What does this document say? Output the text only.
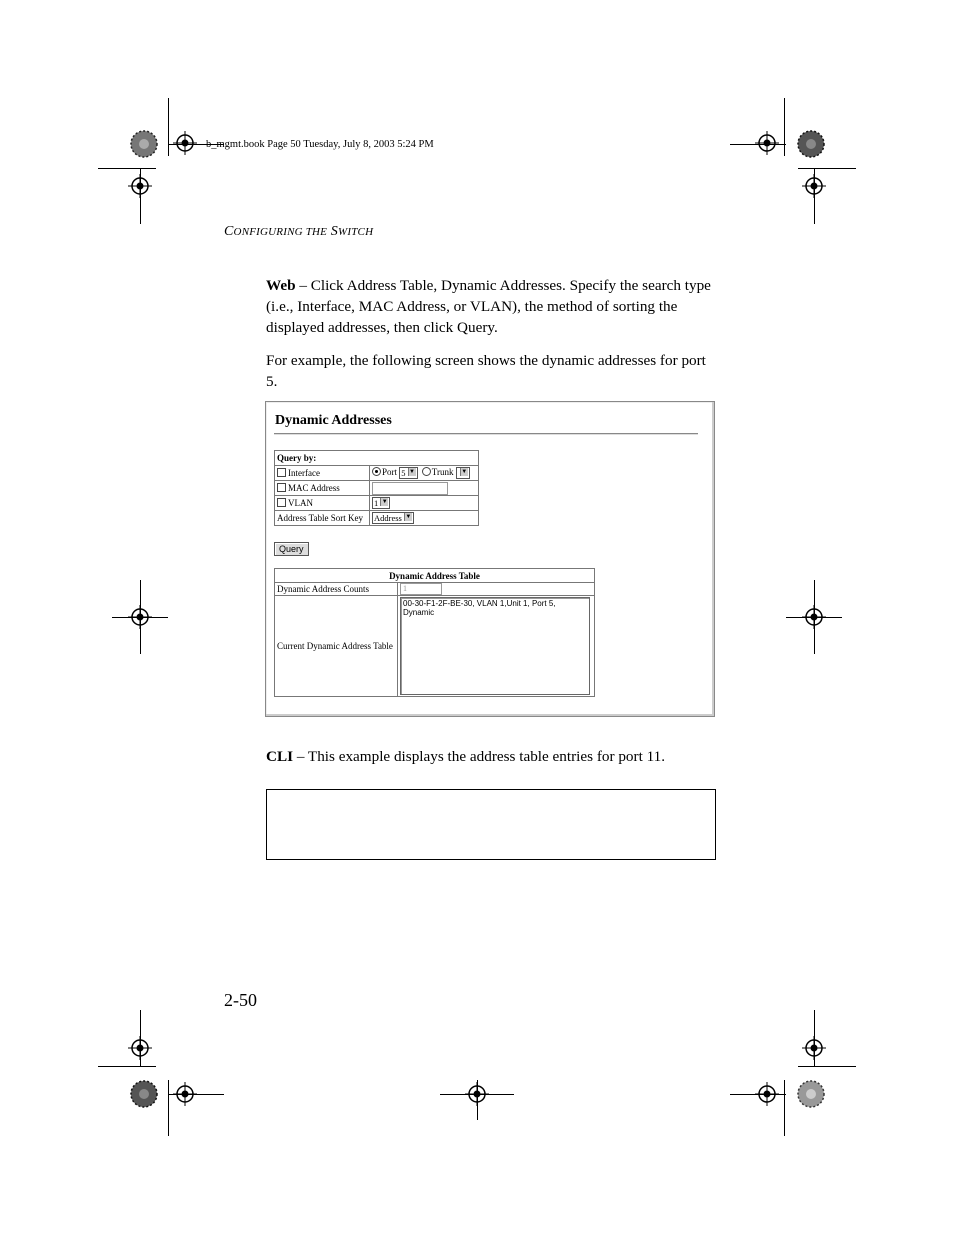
b_mgmt.book Page 50 Tuesday, July 8, 2003 5:24 PM
CONFIGURING THE SWITCH
Web – Click Address Table, Dynamic Addresses. Specify the search type (i.e., Interface, MAC Address, or VLAN), the method of sorting the displayed addresses, then click Query.
For example, the following screen shows the dynamic addresses for port 5.
Dynamic Addresses
Query by:	
Interface	Port 5 ▼ Trunk ▼
MAC Address	
VLAN	1 ▼
Address Table Sort Key	Address ▼
Query
Dynamic Address Table	
Dynamic Address Counts	1
Current Dynamic Address Table	00-30-F1-2F-BE-30, VLAN 1,Unit 1, Port 5, Dynamic
CLI – This example displays the address table entries for port 11.
2-50
